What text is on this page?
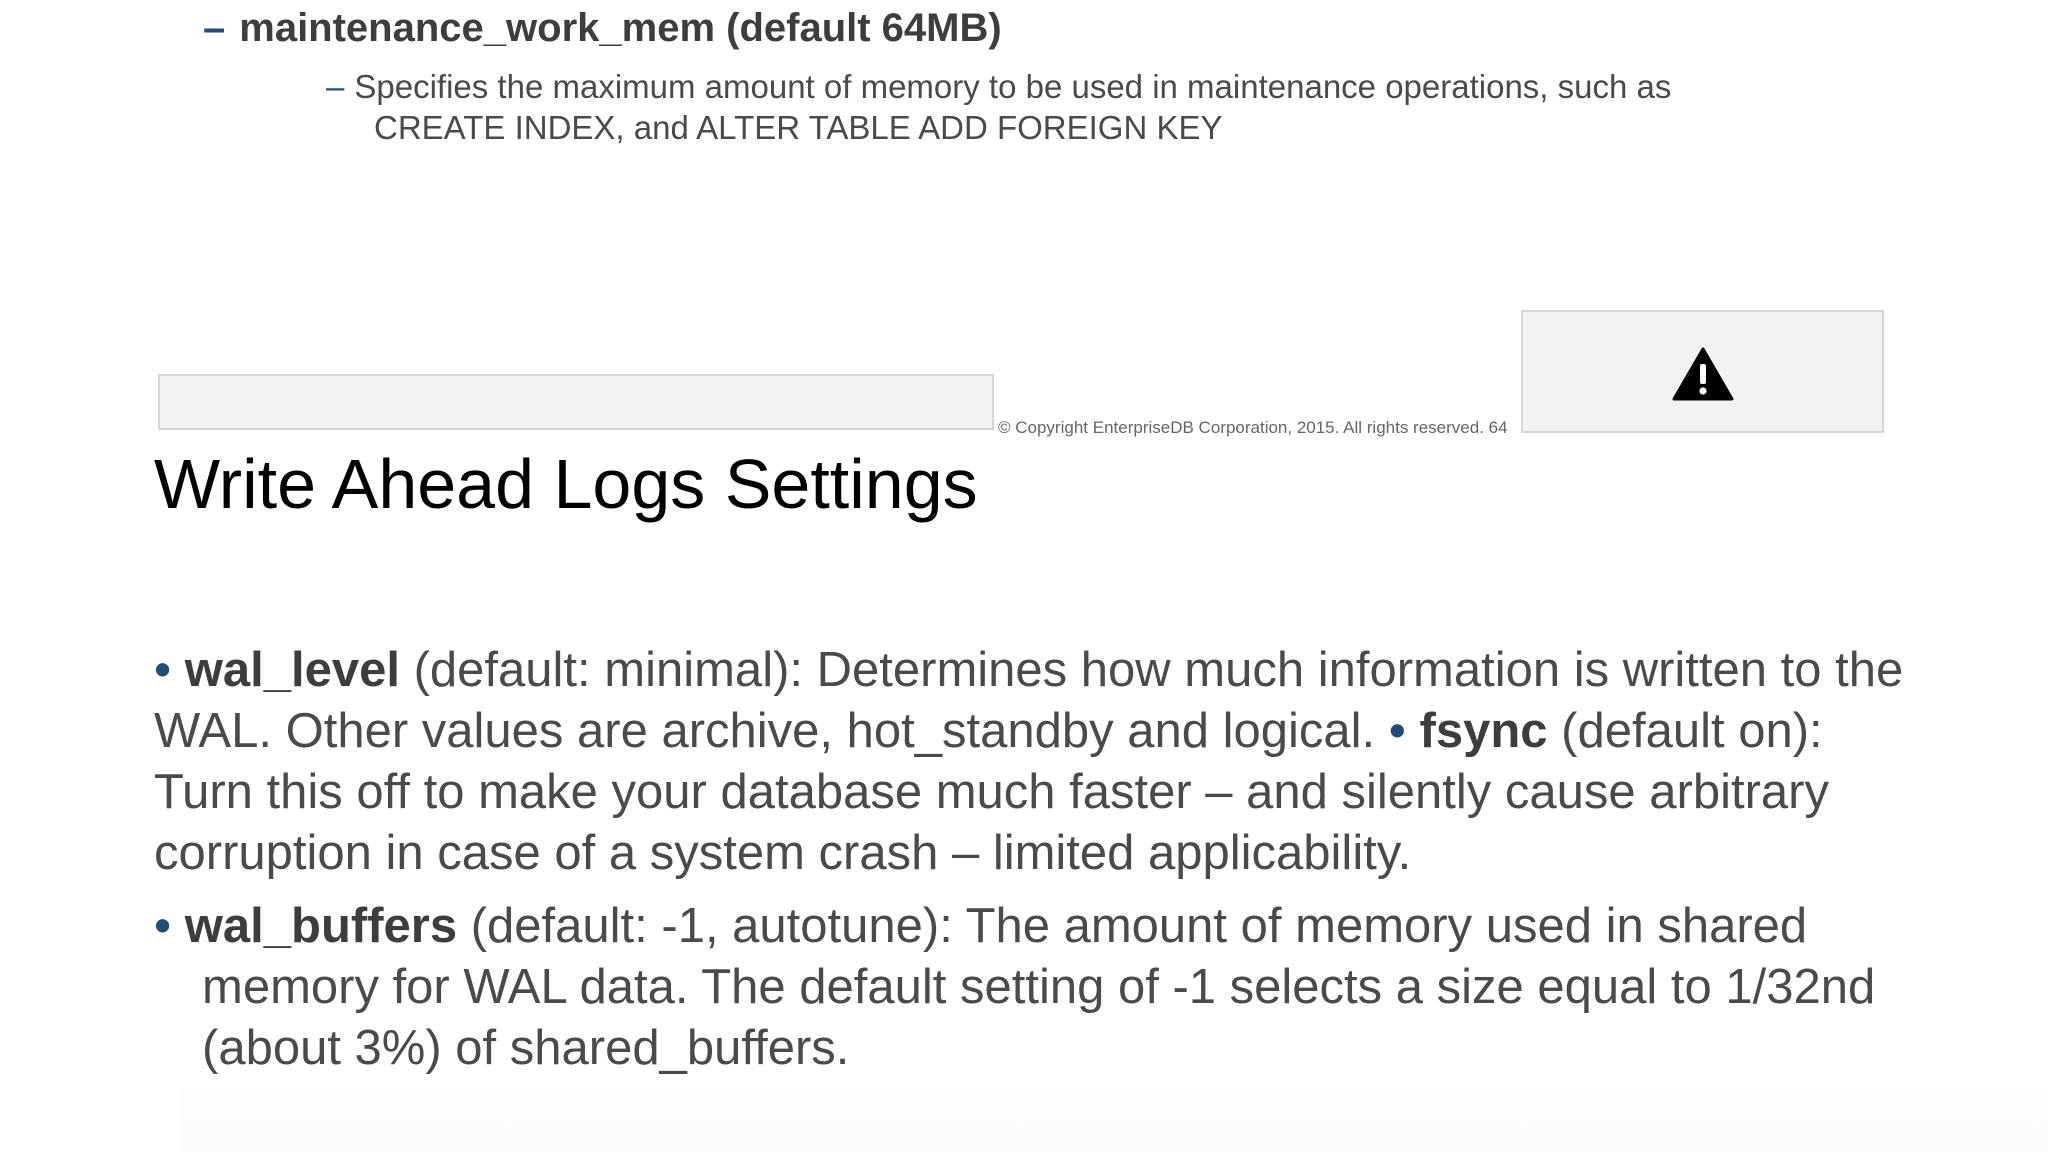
– maintenance_work_mem (default 64MB)
– Specifies the maximum amount of memory to be used in maintenance operations, such as
CREATE INDEX, and ALTER TABLE ADD FOREIGN KEY
© Copyright EnterpriseDB Corporation, 2015. All rights reserved. 64
Write Ahead Logs Settings

• wal_level (default: minimal): Determines how much information is written to the WAL. Other values are archive, hot_standby and logical. • fsync (default on): Turn this off to make your database much faster – and silently cause arbitrary corruption in case of a system crash – limited applicability.

• wal_buffers (default: -1, autotune): The amount of memory used in shared memory for WAL data. The default setting of -1 selects a size equal to 1/32nd (about 3%) of shared_buffers.
